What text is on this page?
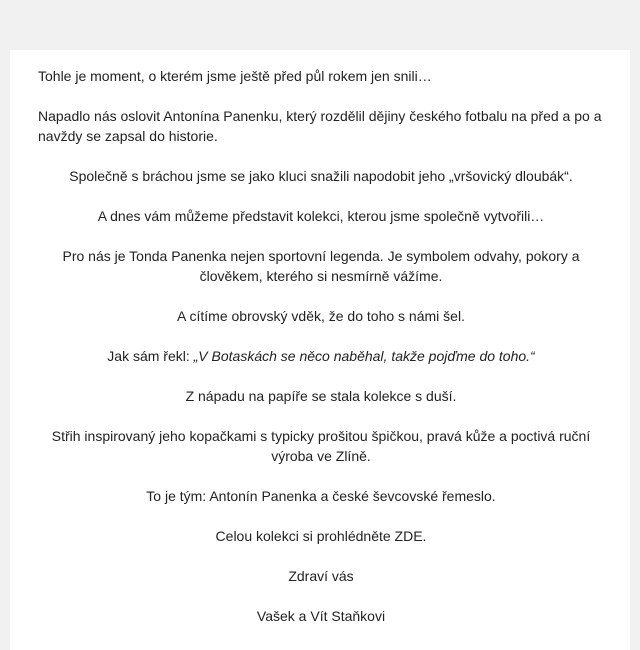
Tohle je moment, o kterém jsme ještě před půl rokem jen snili…

Napadlo nás oslovit Antonína Panenku, který rozdělil dějiny českého fotbalu na před a po a navždy se zapsal do historie.

Společně s bráchou jsme se jako kluci snažili napodobit jeho „vršovický dloubák“.

A dnes vám můžeme představit kolekci, kterou jsme společně vytvořili…

Pro nás je Tonda Panenka nejen sportovní legenda. Je symbolem odvahy, pokory a člověkem, kterého si nesmírně vážíme.

A cítíme obrovský vděk, že do toho s námi šel.

Jak sám řekl: „V Botaskách se něco naběhal, takže pojďme do toho.“

Z nápadu na papíře se stala kolekce s duší.

Střih inspirovaný jeho kopačkami s typicky prošitou špičkou, pravá kůže a poctivá ruční výroba ve Zlíně.

To je tým: Antonín Panenka a české ševcovské řemeslo.

Celou kolekci si prohlédněte ZDE.

Zdraví vás

Vašek a Vít Staňkovi
